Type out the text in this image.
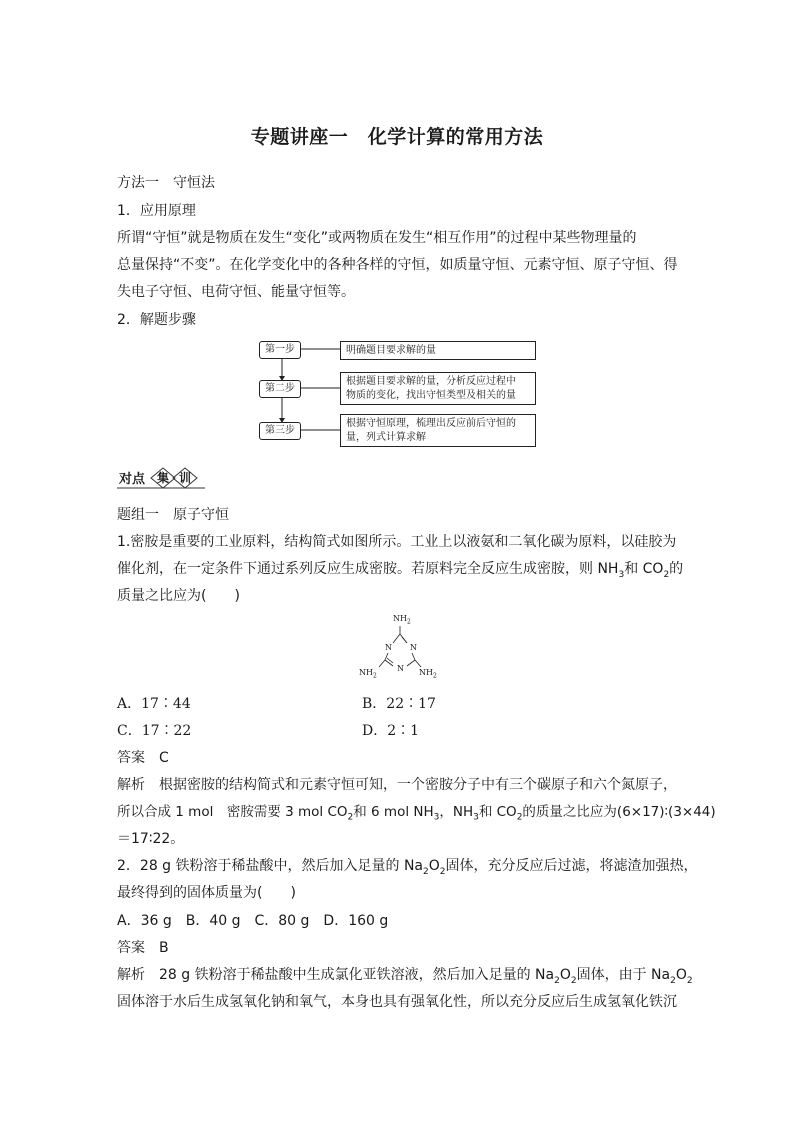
专题讲座一　化学计算的常用方法
方法一 守恒法
1．应用原理
所谓“守恒”就是物质在发生“变化”或两物质在发生“相互作用”的过程中某些物理量的
总量保持“不变”。在化学变化中的各种各样的守恒，如质量守恒、元素守恒、原子守恒、得
失电子守恒、电荷守恒、能量守恒等。
2．解题步骤
第一步
第二步
第三步
明确题目要求解的量
根据题目要求解的量，分析反应过程中
物质的变化，找出守恒类型及相关的量
根据守恒原理，梳理出反应前后守恒的
量，列式计算求解
对点 集 训
题组一 原子守恒
1.密胺是重要的工业原料，结构简式如图所示。工业上以液氨和二氧化碳为原料，以硅胶为
催化剂，在一定条件下通过系列反应生成密胺。若原料完全反应生成密胺，则 $NH_3$和 $CO_2$的
质量之比应为(　　)
$NH_2$
N N
N
$NH_2$	$NH_2$
A．17∶44	B．22∶17
C．17∶22	D．2∶1
答案 C
解析 根据密胺的结构简式和元素守恒可知，一个密胺分子中有三个碳原子和六个氮原子，
所以合成 1 mol　密胺需要 3 mol $CO_2$和 6 mol $NH_3$，$NH_3$和 $CO_2$的质量之比应为(6×17)∶(3×44)
＝17∶22。
2．28 g 铁粉溶于稀盐酸中，然后加入足量的 $Na_2O_2$固体，充分反应后过滤，将滤渣加强热，
最终得到的固体质量为(　　)
A．36 g　B．40 g　C．80 g　D．160 g
答案 B
解析 28 g 铁粉溶于稀盐酸中生成氯化亚铁溶液，然后加入足量的 $Na_2O_2$固体，由于 $Na_2O_2$
固体溶于水后生成氢氧化钠和氧气，本身也具有强氧化性，所以充分反应后生成氢氧化铁沉
